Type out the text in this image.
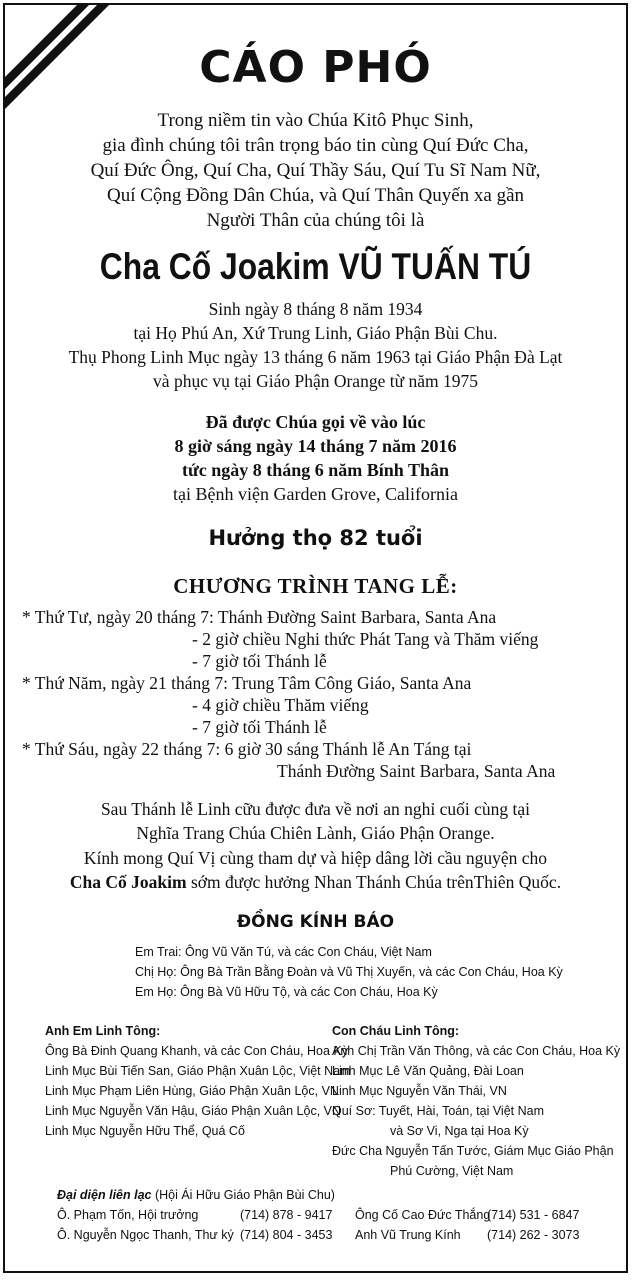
CÁO PHÓ
Trong niềm tin vào Chúa Kitô Phục Sinh,
gia đình chúng tôi trân trọng báo tin cùng Quí Đức Cha,
Quí Đức Ông, Quí Cha, Quí Thầy Sáu, Quí Tu Sĩ Nam Nữ,
Quí Cộng Đồng Dân Chúa, và Quí Thân Quyến xa gần
Người Thân của chúng tôi là
Cha Cố Joakim VŨ TUẤN TÚ
Sinh ngày 8 tháng 8 năm 1934
tại Họ Phú An, Xứ Trung Linh, Giáo Phận Bùi Chu.
Thụ Phong Linh Mục ngày 13 tháng 6 năm 1963 tại Giáo Phận Đà Lạt
và phục vụ tại Giáo Phận Orange từ năm 1975
Đã được Chúa gọi về vào lúc
8 giờ sáng ngày 14 tháng 7 năm 2016
tức ngày 8 tháng 6 năm Bính Thân
tại Bệnh viện Garden Grove, California
Hưởng thọ 82 tuổi
CHƯƠNG TRÌNH TANG LỄ:
* Thứ Tư, ngày 20 tháng 7: Thánh Đường Saint Barbara, Santa Ana
- 2 giờ chiều Nghi thức Phát Tang và Thăm viếng
- 7 giờ tối Thánh lễ
* Thứ Năm, ngày 21 tháng 7: Trung Tâm Công Giáo, Santa Ana
- 4 giờ chiều Thăm viếng
- 7 giờ tối Thánh lễ
* Thứ Sáu, ngày 22 tháng 7: 6 giờ 30 sáng Thánh lễ An Táng tại
Thánh Đường Saint Barbara, Santa Ana
Sau Thánh lễ Linh cữu được đưa về nơi an nghỉ cuối cùng tại
Nghĩa Trang Chúa Chiên Lành, Giáo Phận Orange.
Kính mong Quí Vị cùng tham dự và hiệp dâng lời cầu nguyện cho
Cha Cố Joakim sớm được hưởng Nhan Thánh Chúa trênThiên Quốc.
ĐỒNG KÍNH BÁO
Em Trai: Ông Vũ Văn Tú, và các Con Cháu, Việt Nam
Chị Họ: Ông Bà Trần Bằng Đoàn và Vũ Thị Xuyến, và các Con Cháu, Hoa Kỳ
Em Họ: Ông Bà Vũ Hữu Tộ, và các Con Cháu, Hoa Kỳ
Anh Em Linh Tông:
Ông Bà Đinh Quang Khanh, và các Con Cháu, Hoa Kỳ
Linh Mục Bùi Tiến San, Giáo Phận Xuân Lộc, Việt Nam
Linh Mục Phạm Liên Hùng, Giáo Phận Xuân Lộc, VN
Linh Mục Nguyễn Văn Hậu, Giáo Phận Xuân Lộc, VN
Linh Mục Nguyễn Hữu Thể, Quá Cố
Con Cháu Linh Tông:
Anh Chị Trần Văn Thông, và các Con Cháu, Hoa Kỳ
Linh Mục Lê Văn Quảng, Đài Loan
Linh Mục Nguyễn Văn Thái, VN
Quí Sơ: Tuyết, Hài, Toán, tại Việt Nam
và Sơ Vi, Nga tại Hoa Kỳ
Đức Cha Nguyễn Tấn Tước, Giám Mục Giáo Phận
Phú Cường, Việt Nam
Đại diện liên lạc (Hội Ái Hữu Giáo Phận Bùi Chu)
Ô. Phạm Tốn, Hội trưởng	(714) 878 - 9417
Ô. Nguyễn Ngọc Thanh, Thư ký (714) 804 - 3453
Ông Cố Cao Đức Thắng
(714) 531 - 6847
Anh Vũ Trung Kính	(714) 262 - 3073
